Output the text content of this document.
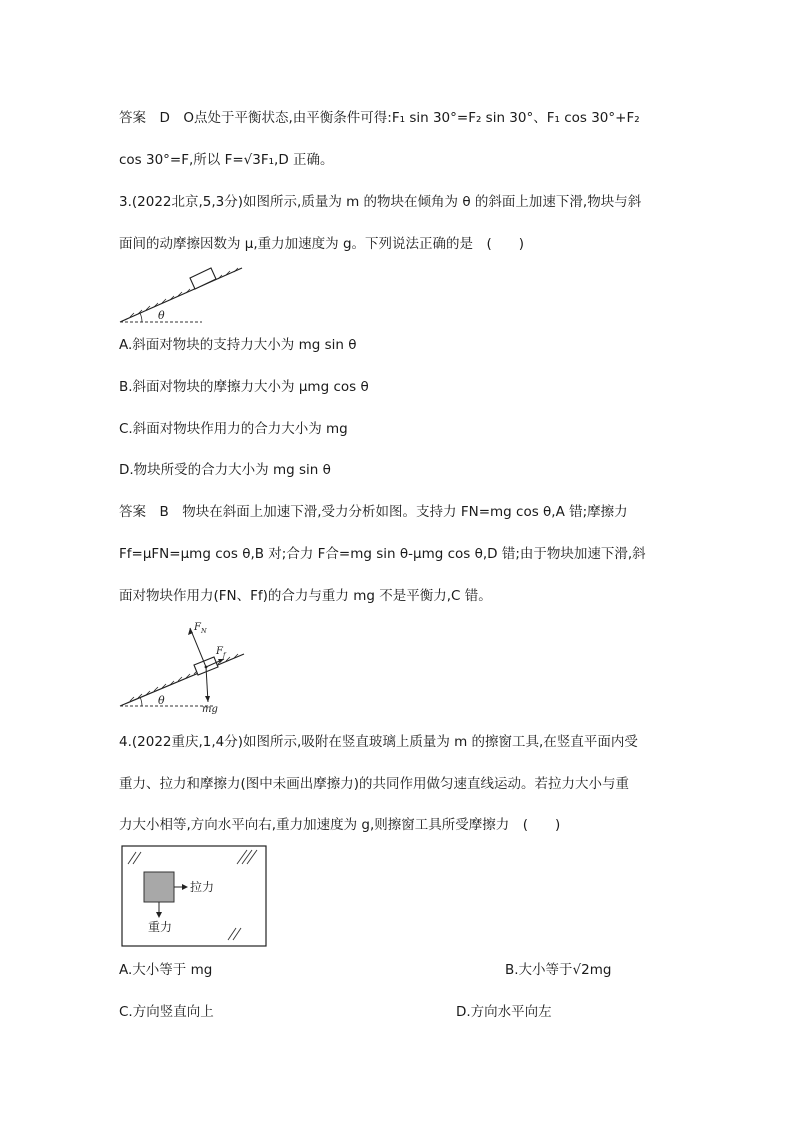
答案　D　O点处于平衡状态,由平衡条件可得:F₁ sin 30°=F₂ sin 30°、F₁ cos 30°+F₂
cos 30°=F,所以 F=√3F₁,D 正确。
3.(2022北京,5,3分)如图所示,质量为 m 的物块在倾角为 θ 的斜面上加速下滑,物块与斜
面间的动摩擦因数为 μ,重力加速度为 g。下列说法正确的是　(　　)
θ
A.斜面对物块的支持力大小为 mg sin θ
B.斜面对物块的摩擦力大小为 μmg cos θ
C.斜面对物块作用力的合力大小为 mg
D.物块所受的合力大小为 mg sin θ
答案　B　物块在斜面上加速下滑,受力分析如图。支持力 FN=mg cos θ,A 错;摩擦力
Ff=μFN=μmg cos θ,B 对;合力 F合=mg sin θ-μmg cos θ,D 错;由于物块加速下滑,斜
面对物块作用力(FN、Ff)的合力与重力 mg 不是平衡力,C 错。
$F_N$
$F_f$
mg
θ
4.(2022重庆,1,4分)如图所示,吸附在竖直玻璃上质量为 m 的擦窗工具,在竖直平面内受
重力、拉力和摩擦力(图中未画出摩擦力)的共同作用做匀速直线运动。若拉力大小与重
力大小相等,方向水平向右,重力加速度为 g,则擦窗工具所受摩擦力　(　　)
拉力
重力
A.大小等于 mg	B.大小等于√2mg
C.方向竖直向上	D.方向水平向左
